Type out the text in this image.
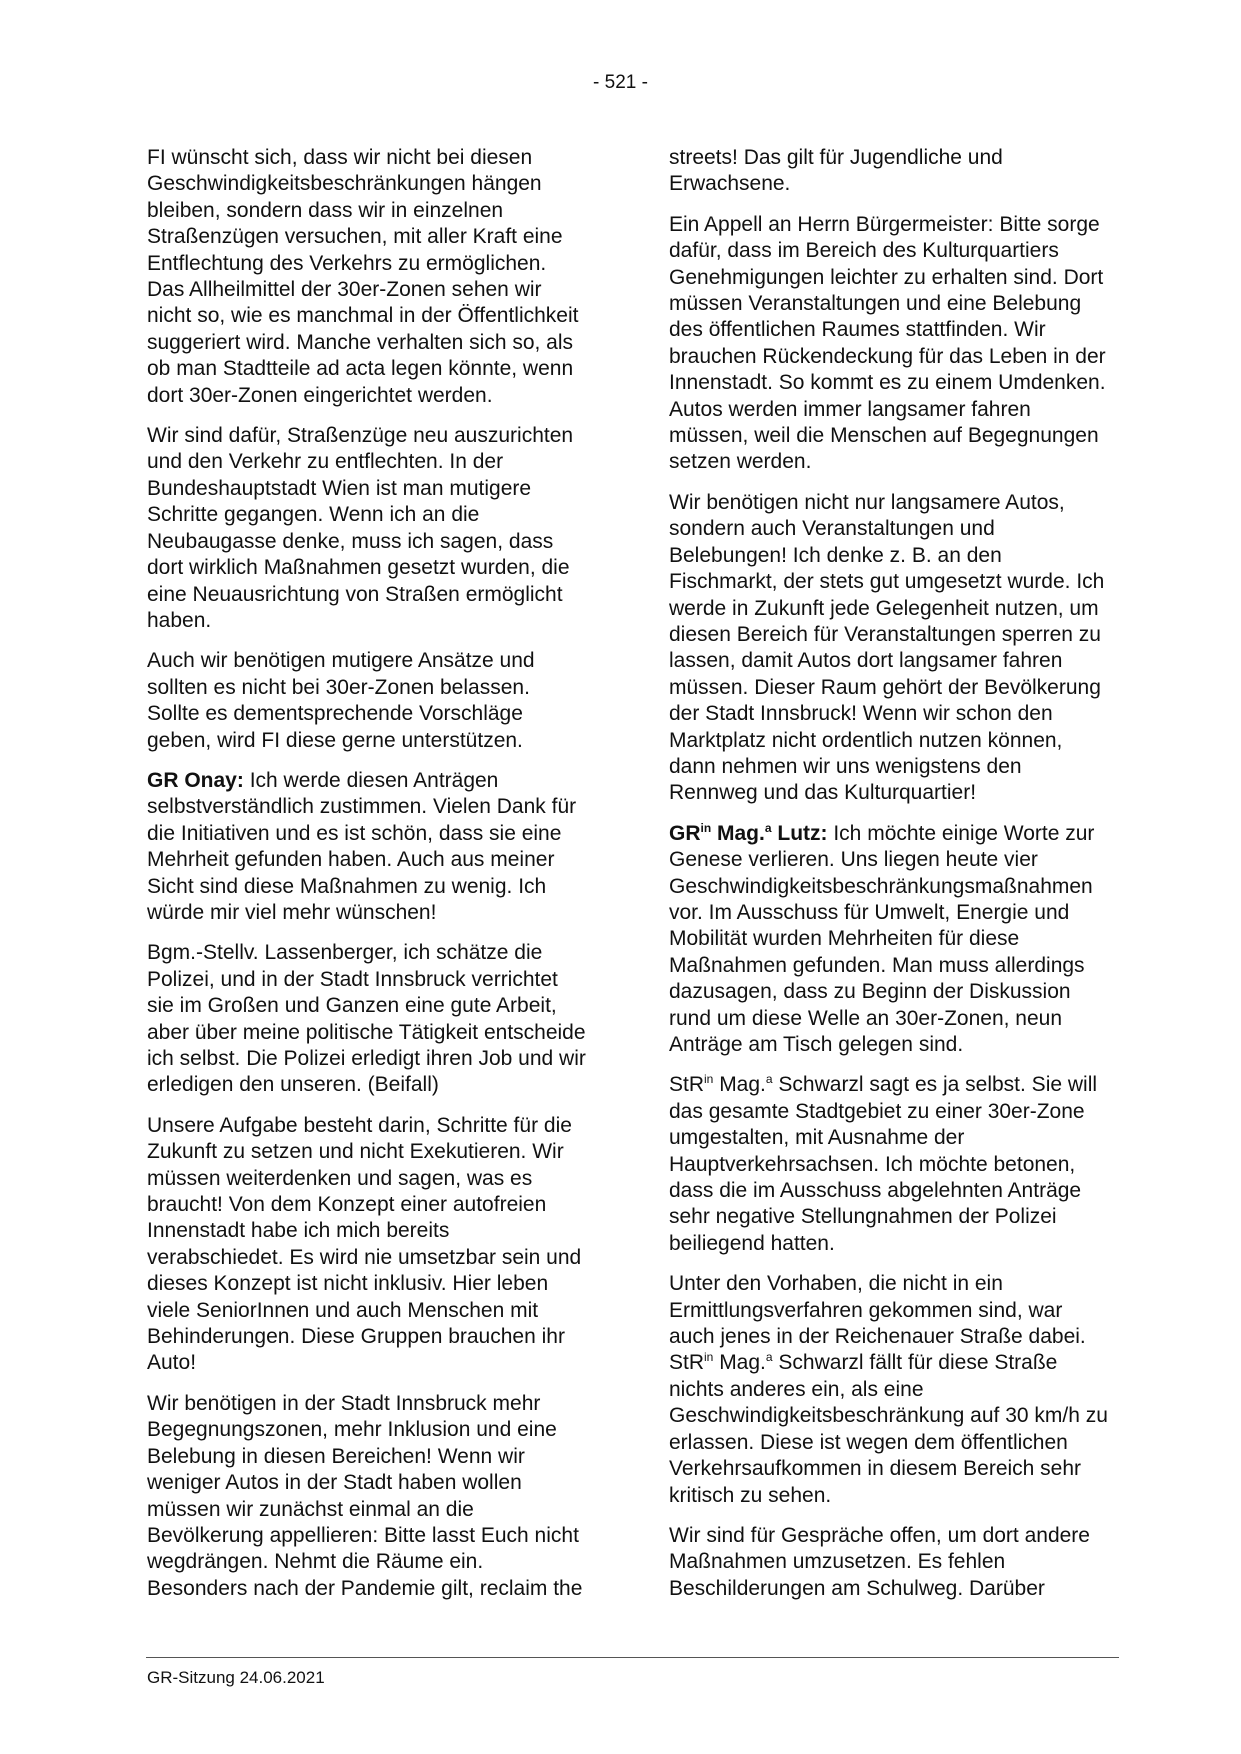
- 521 -

FI wünscht sich, dass wir nicht bei diesen Geschwindigkeitsbeschränkungen hängen bleiben, sondern dass wir in einzelnen Straßenzügen versuchen, mit aller Kraft eine Entflechtung des Verkehrs zu ermöglichen. Das Allheilmittel der 30er-Zonen sehen wir nicht so, wie es manchmal in der Öffentlichkeit suggeriert wird. Manche verhalten sich so, als ob man Stadtteile ad acta legen könnte, wenn dort 30er-Zonen eingerichtet werden.

Wir sind dafür, Straßenzüge neu auszurichten und den Verkehr zu entflechten. In der Bundeshauptstadt Wien ist man mutigere Schritte gegangen. Wenn ich an die Neubaugasse denke, muss ich sagen, dass dort wirklich Maßnahmen gesetzt wurden, die eine Neuausrichtung von Straßen ermöglicht haben.

Auch wir benötigen mutigere Ansätze und sollten es nicht bei 30er-Zonen belassen. Sollte es dementsprechende Vorschläge geben, wird FI diese gerne unterstützen.

GR Onay: Ich werde diesen Anträgen selbstverständlich zustimmen. Vielen Dank für die Initiativen und es ist schön, dass sie eine Mehrheit gefunden haben. Auch aus meiner Sicht sind diese Maßnahmen zu wenig. Ich würde mir viel mehr wünschen!

Bgm.-Stellv. Lassenberger, ich schätze die Polizei, und in der Stadt Innsbruck verrichtet sie im Großen und Ganzen eine gute Arbeit, aber über meine politische Tätigkeit entscheide ich selbst. Die Polizei erledigt ihren Job und wir erledigen den unseren. (Beifall)

Unsere Aufgabe besteht darin, Schritte für die Zukunft zu setzen und nicht Exekutieren. Wir müssen weiterdenken und sagen, was es braucht! Von dem Konzept einer autofreien Innenstadt habe ich mich bereits verabschiedet. Es wird nie umsetzbar sein und dieses Konzept ist nicht inklusiv. Hier leben viele SeniorInnen und auch Menschen mit Behinderungen. Diese Gruppen brauchen ihr Auto!

Wir benötigen in der Stadt Innsbruck mehr Begegnungszonen, mehr Inklusion und eine Belebung in diesen Bereichen! Wenn wir weniger Autos in der Stadt haben wollen müssen wir zunächst einmal an die Bevölkerung appellieren: Bitte lasst Euch nicht wegdrängen. Nehmt die Räume ein. Besonders nach der Pandemie gilt, reclaim the

streets! Das gilt für Jugendliche und Erwachsene.

Ein Appell an Herrn Bürgermeister: Bitte sorge dafür, dass im Bereich des Kulturquartiers Genehmigungen leichter zu erhalten sind. Dort müssen Veranstaltungen und eine Belebung des öffentlichen Raumes stattfinden. Wir brauchen Rückendeckung für das Leben in der Innenstadt. So kommt es zu einem Umdenken. Autos werden immer langsamer fahren müssen, weil die Menschen auf Begegnungen setzen werden.

Wir benötigen nicht nur langsamere Autos, sondern auch Veranstaltungen und Belebungen! Ich denke z. B. an den Fischmarkt, der stets gut umgesetzt wurde. Ich werde in Zukunft jede Gelegenheit nutzen, um diesen Bereich für Veranstaltungen sperren zu lassen, damit Autos dort langsamer fahren müssen. Dieser Raum gehört der Bevölkerung der Stadt Innsbruck! Wenn wir schon den Marktplatz nicht ordentlich nutzen können, dann nehmen wir uns wenigstens den Rennweg und das Kulturquartier!

$GR^{in}$ Mag.$^a$ Lutz: Ich möchte einige Worte zur Genese verlieren. Uns liegen heute vier Geschwindigkeitsbeschränkungsmaßnahmen vor. Im Ausschuss für Umwelt, Energie und Mobilität wurden Mehrheiten für diese Maßnahmen gefunden. Man muss allerdings dazusagen, dass zu Beginn der Diskussion rund um diese Welle an 30er-Zonen, neun Anträge am Tisch gelegen sind.

StR$^{in}$ Mag.$^a$ Schwarzl sagt es ja selbst. Sie will das gesamte Stadtgebiet zu einer 30er-Zone umgestalten, mit Ausnahme der Hauptverkehrsachsen. Ich möchte betonen, dass die im Ausschuss abgelehnten Anträge sehr negative Stellungnahmen der Polizei beiliegend hatten.

Unter den Vorhaben, die nicht in ein Ermittlungsverfahren gekommen sind, war auch jenes in der Reichenauer Straße dabei. StR$^{in}$ Mag.$^a$ Schwarzl fällt für diese Straße nichts anderes ein, als eine Geschwindigkeitsbeschränkung auf 30 km/h zu erlassen. Diese ist wegen dem öffentlichen Verkehrsaufkommen in diesem Bereich sehr kritisch zu sehen.

Wir sind für Gespräche offen, um dort andere Maßnahmen umzusetzen. Es fehlen Beschilderungen am Schulweg. Darüber

GR-Sitzung 24.06.2021
